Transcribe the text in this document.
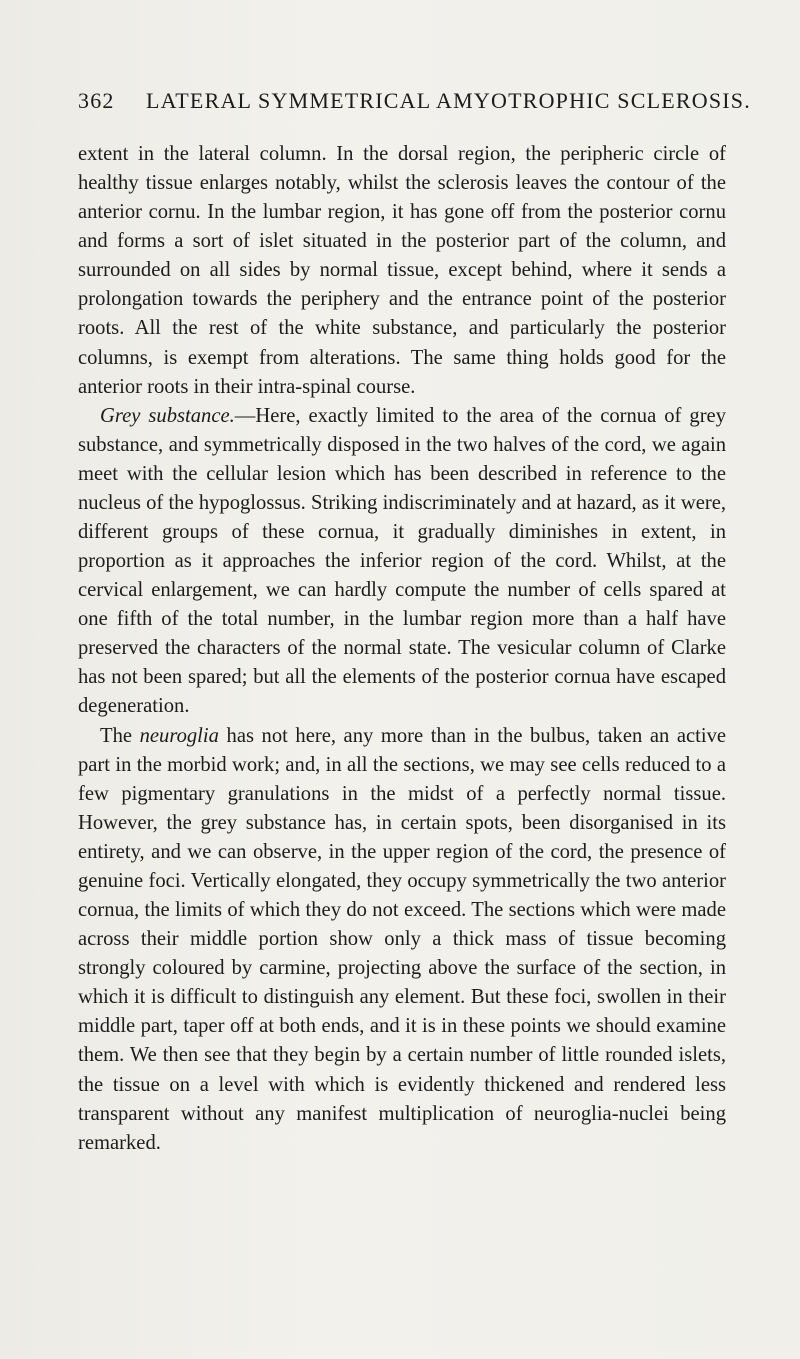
362 LATERAL SYMMETRICAL AMYOTROPHIC SCLEROSIS.

extent in the lateral column. In the dorsal region, the peripheric circle of healthy tissue enlarges notably, whilst the sclerosis leaves the contour of the anterior cornu. In the lumbar region, it has gone off from the posterior cornu and forms a sort of islet situated in the posterior part of the column, and surrounded on all sides by normal tissue, except behind, where it sends a prolongation towards the periphery and the entrance point of the posterior roots. All the rest of the white substance, and particularly the posterior columns, is exempt from alterations. The same thing holds good for the anterior roots in their intra-spinal course.

Grey substance.—Here, exactly limited to the area of the cornua of grey substance, and symmetrically disposed in the two halves of the cord, we again meet with the cellular lesion which has been described in reference to the nucleus of the hypoglossus. Striking indiscriminately and at hazard, as it were, different groups of these cornua, it gradually diminishes in extent, in proportion as it approaches the inferior region of the cord. Whilst, at the cervical enlargement, we can hardly compute the number of cells spared at one fifth of the total number, in the lumbar region more than a half have preserved the characters of the normal state. The vesicular column of Clarke has not been spared; but all the elements of the posterior cornua have escaped degeneration.

The neuroglia has not here, any more than in the bulbus, taken an active part in the morbid work; and, in all the sections, we may see cells reduced to a few pigmentary granulations in the midst of a perfectly normal tissue. However, the grey substance has, in certain spots, been disorganised in its entirety, and we can observe, in the upper region of the cord, the presence of genuine foci. Vertically elongated, they occupy symmetrically the two anterior cornua, the limits of which they do not exceed. The sections which were made across their middle portion show only a thick mass of tissue becoming strongly coloured by carmine, projecting above the surface of the section, in which it is difficult to distinguish any element. But these foci, swollen in their middle part, taper off at both ends, and it is in these points we should examine them. We then see that they begin by a certain number of little rounded islets, the tissue on a level with which is evidently thickened and rendered less transparent without any manifest multiplication of neuroglia-nuclei being remarked.
